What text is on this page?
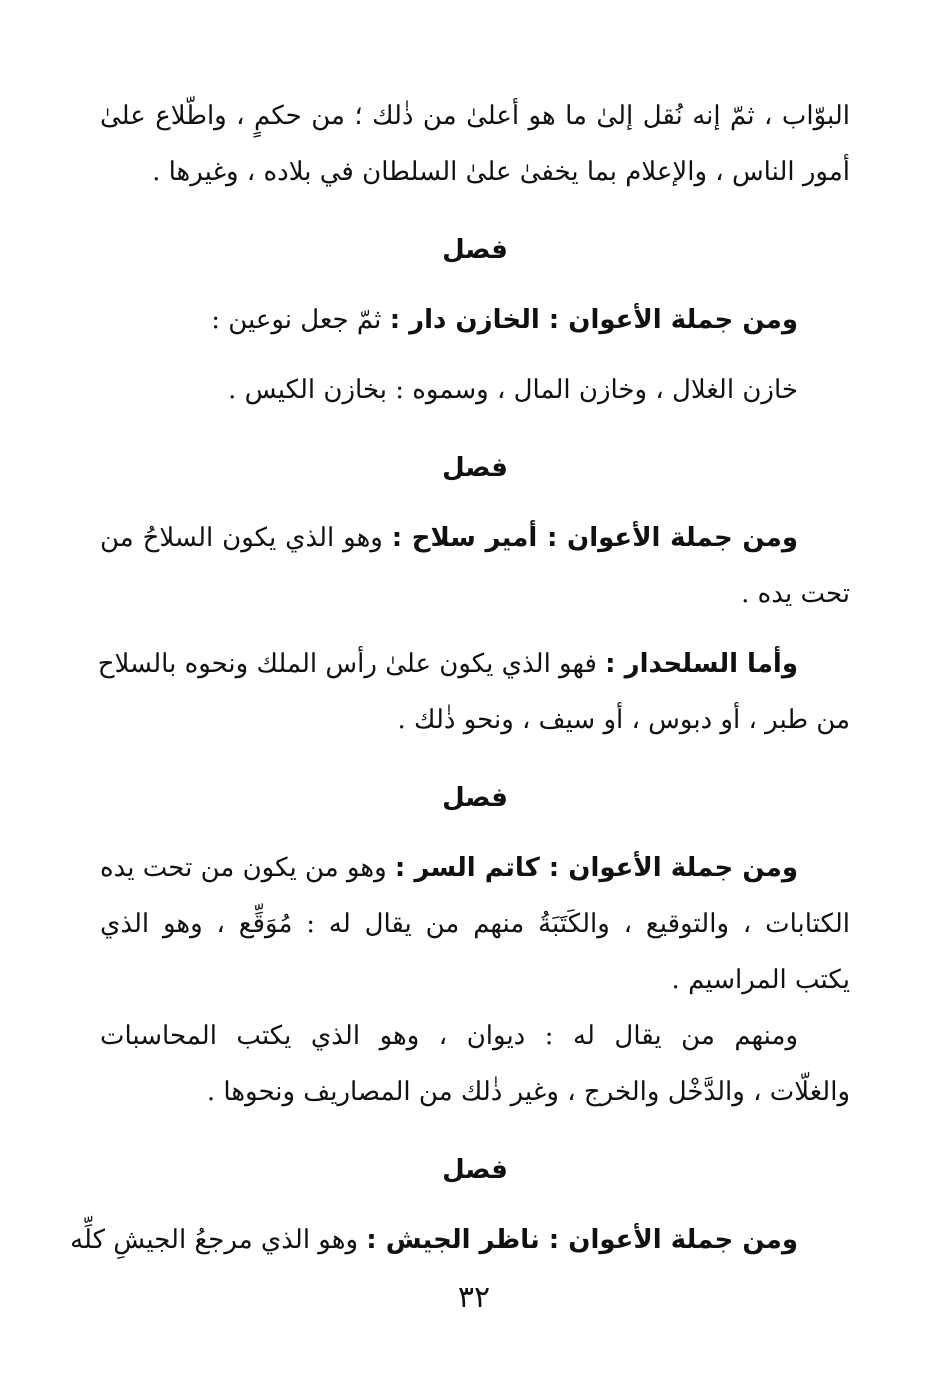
البوّاب ، ثمّ إنه نُقل إلىٰ ما هو أعلىٰ من ذٰلك ؛ من حكمٍ ، واطّلاع علىٰ
أمور الناس ، والإعلام بما يخفىٰ علىٰ السلطان في بلاده ، وغيرها .
فصل
ومن جملة الأعوان : الخازن دار : ثمّ جعل نوعين :
خازن الغلال ، وخازن المال ، وسموه : بخازن الكيس .
فصل
ومن جملة الأعوان : أمير سلاح : وهو الذي يكون السلاحُ من
تحت يده .
وأما السلحدار : فهو الذي يكون علىٰ رأس الملك ونحوه بالسلاح
من طبر ، أو دبوس ، أو سيف ، ونحو ذٰلك .
فصل
ومن جملة الأعوان : كاتم السر : وهو من يكون من تحت يده
الكتابات ، والتوقيع ، والكَتَبَةُ منهم من يقال له : مُوَقِّع ، وهو الذي
يكتب المراسيم .
ومنهم من يقال له : ديوان ، وهو الذي يكتب المحاسبات
والغلّات ، والدَّخْل والخرج ، وغير ذٰلك من المصاريف ونحوها .
فصل
ومن جملة الأعوان : ناظر الجيش : وهو الذي مرجعُ الجيشِ كلِّه
٣٢
